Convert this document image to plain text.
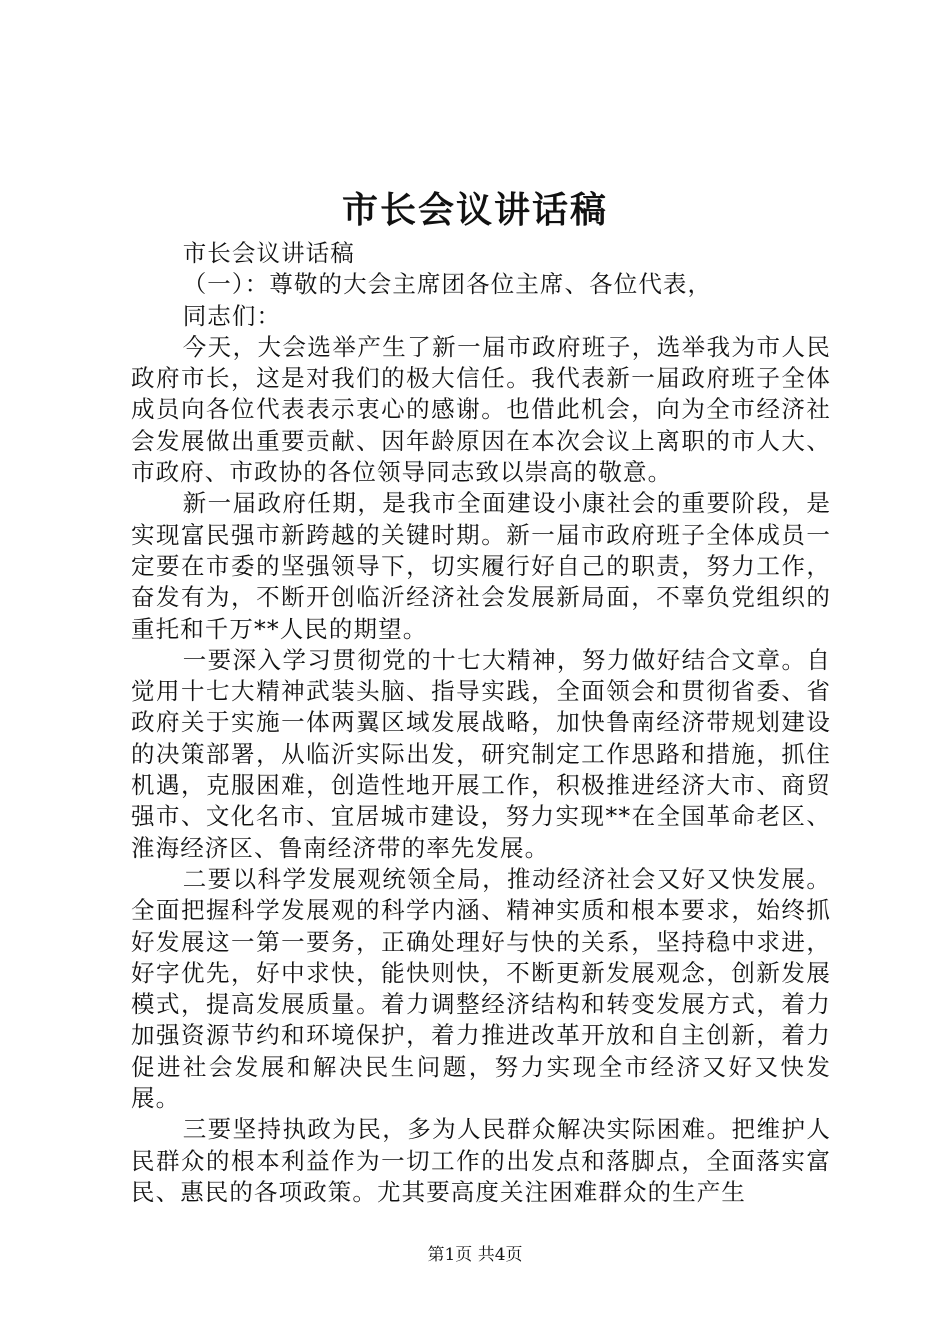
市长会议讲话稿

市长会议讲话稿

（一）：尊敬的大会主席团各位主席、各位代表，

同志们：

今天，大会选举产生了新一届市政府班子，选举我为市人民政府市长，这是对我们的极大信任。我代表新一届政府班子全体成员向各位代表表示衷心的感谢。也借此机会，向为全市经济社会发展做出重要贡献、因年龄原因在本次会议上离职的市人大、市政府、市政协的各位领导同志致以崇高的敬意。

新一届政府任期，是我市全面建设小康社会的重要阶段，是实现富民强市新跨越的关键时期。新一届市政府班子全体成员一定要在市委的坚强领导下，切实履行好自己的职责，努力工作，奋发有为，不断开创临沂经济社会发展新局面，不辜负党组织的重托和千万**人民的期望。

一要深入学习贯彻党的十七大精神，努力做好结合文章。自觉用十七大精神武装头脑、指导实践，全面领会和贯彻省委、省政府关于实施一体两翼区域发展战略，加快鲁南经济带规划建设的决策部署，从临沂实际出发，研究制定工作思路和措施，抓住机遇，克服困难，创造性地开展工作，积极推进经济大市、商贸强市、文化名市、宜居城市建设，努力实现**在全国革命老区、淮海经济区、鲁南经济带的率先发展。

二要以科学发展观统领全局，推动经济社会又好又快发展。全面把握科学发展观的科学内涵、精神实质和根本要求，始终抓好发展这一第一要务，正确处理好与快的关系，坚持稳中求进，好字优先，好中求快，能快则快，不断更新发展观念，创新发展模式，提高发展质量。着力调整经济结构和转变发展方式，着力加强资源节约和环境保护，着力推进改革开放和自主创新，着力促进社会发展和解决民生问题，努力实现全市经济又好又快发展。

三要坚持执政为民，多为人民群众解决实际困难。把维护人民群众的根本利益作为一切工作的出发点和落脚点，全面落实富民、惠民的各项政策。尤其要高度关注困难群众的生产生

第1页 共4页
